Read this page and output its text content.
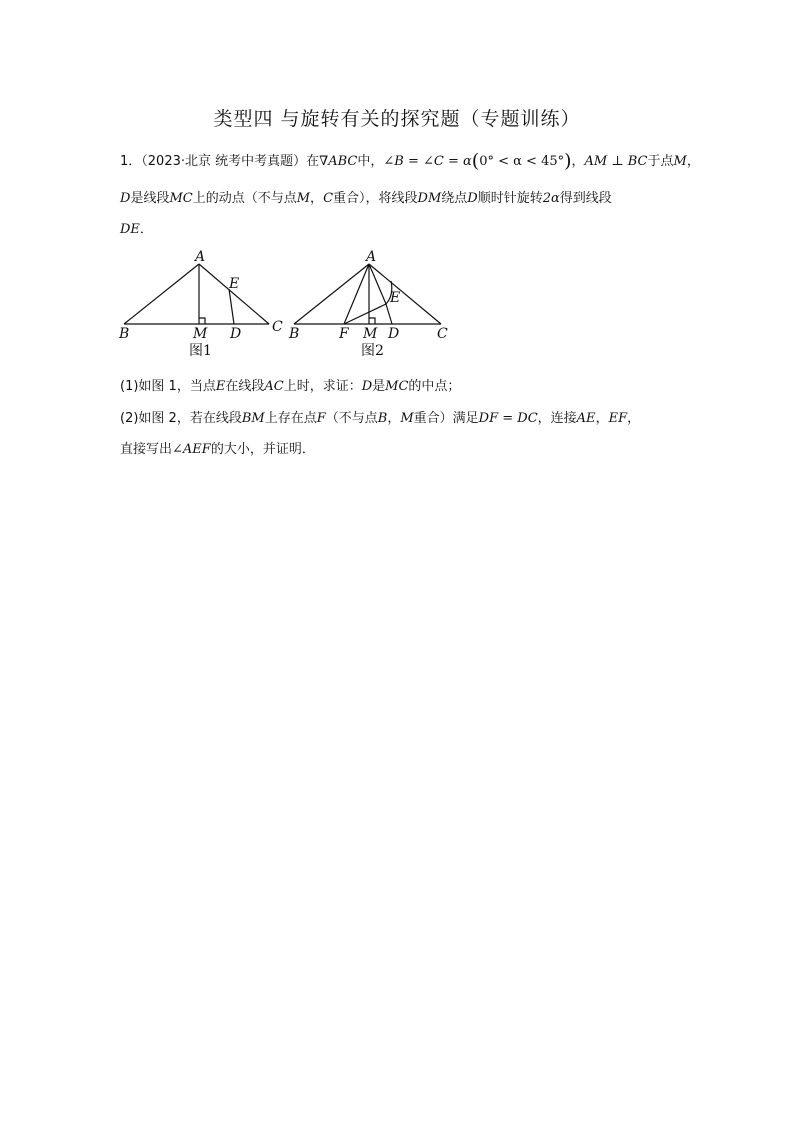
类型四 与旋转有关的探究题（专题训练）
1．（2023·北京 统考中考真题）在∇ABC中，∠B = ∠C = α(0° < α < 45°)，AM ⊥ BC于点M，
D是线段MC上的动点（不与点M，C重合），将线段DM绕点D顺时针旋转2α得到线段
DE．
A
B	C
D
E
M
图1
A
B	C
D
E
F M
图2
(1)如图 1，当点E在线段AC上时，求证：D是MC的中点；
(2)如图 2，若在线段BM上存在点F（不与点B，M重合）满足DF = DC，连接AE，EF，
直接写出∠AEF的大小，并证明．
